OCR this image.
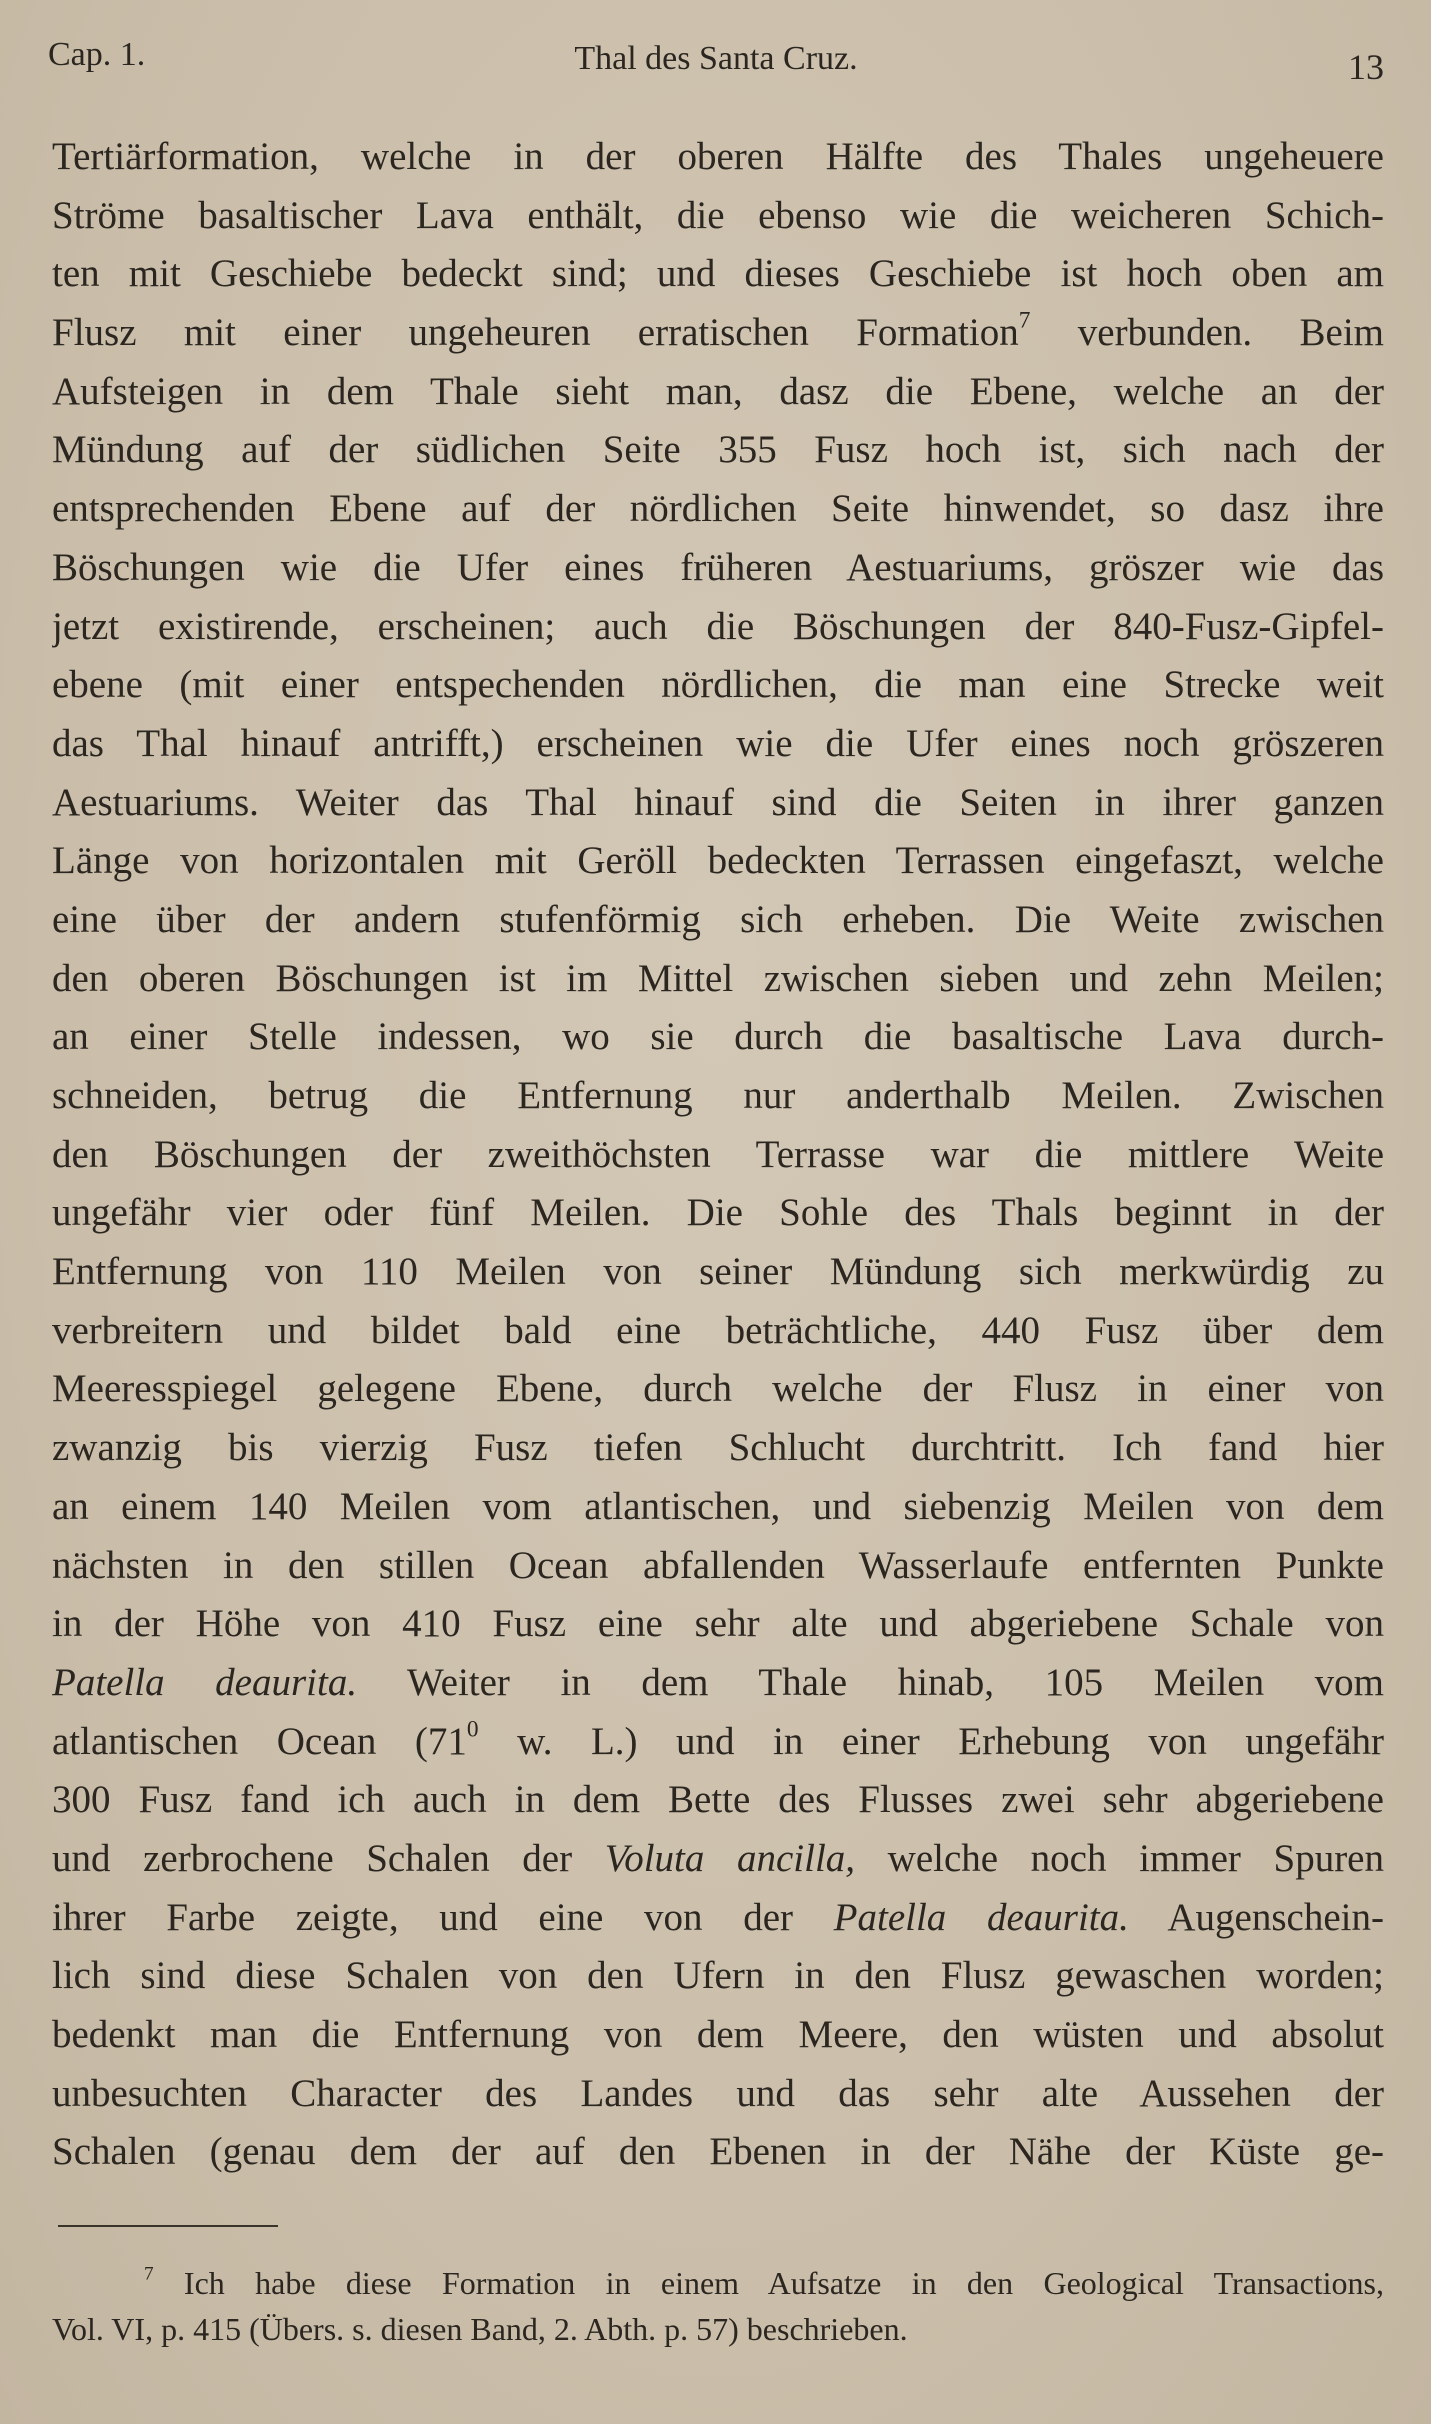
Cap. 1.	Thal des Santa Cruz.	13
Tertiärformation, welche in der oberen Hälfte des Thales ungeheuere
Ströme basaltischer Lava enthält, die ebenso wie die weicheren Schich-
ten mit Geschiebe bedeckt sind; und dieses Geschiebe ist hoch oben am
Flusz mit einer ungeheuren erratischen Formation$^7$ verbunden. Beim
Aufsteigen in dem Thale sieht man, dasz die Ebene, welche an der
Mündung auf der südlichen Seite 355 Fusz hoch ist, sich nach der
entsprechenden Ebene auf der nördlichen Seite hinwendet, so dasz ihre
Böschungen wie die Ufer eines früheren Aestuariums, gröszer wie das
jetzt existirende, erscheinen; auch die Böschungen der 840-Fusz-Gipfel-
ebene (mit einer entspechenden nördlichen, die man eine Strecke weit
das Thal hinauf antrifft,) erscheinen wie die Ufer eines noch gröszeren
Aestuariums. Weiter das Thal hinauf sind die Seiten in ihrer ganzen
Länge von horizontalen mit Geröll bedeckten Terrassen eingefaszt, welche
eine über der andern stufenförmig sich erheben. Die Weite zwischen
den oberen Böschungen ist im Mittel zwischen sieben und zehn Meilen;
an einer Stelle indessen, wo sie durch die basaltische Lava durch-
schneiden, betrug die Entfernung nur anderthalb Meilen. Zwischen
den Böschungen der zweithöchsten Terrasse war die mittlere Weite
ungefähr vier oder fünf Meilen. Die Sohle des Thals beginnt in der
Entfernung von 110 Meilen von seiner Mündung sich merkwürdig zu
verbreitern und bildet bald eine beträchtliche, 440 Fusz über dem
Meeresspiegel gelegene Ebene, durch welche der Flusz in einer von
zwanzig bis vierzig Fusz tiefen Schlucht durchtritt. Ich fand hier
an einem 140 Meilen vom atlantischen, und siebenzig Meilen von dem
nächsten in den stillen Ocean abfallenden Wasserlaufe entfernten Punkte
in der Höhe von 410 Fusz eine sehr alte und abgeriebene Schale von
Patella deaurita. Weiter in dem Thale hinab, 105 Meilen vom
atlantischen Ocean ($71^0$ w. L.) und in einer Erhebung von ungefähr
300 Fusz fand ich auch in dem Bette des Flusses zwei sehr abgeriebene
und zerbrochene Schalen der Voluta ancilla, welche noch immer Spuren
ihrer Farbe zeigte, und eine von der Patella deaurita. Augenschein-
lich sind diese Schalen von den Ufern in den Flusz gewaschen worden;
bedenkt man die Entfernung von dem Meere, den wüsten und absolut
unbesuchten Character des Landes und das sehr alte Aussehen der
Schalen (genau dem der auf den Ebenen in der Nähe der Küste ge-
$^7$ Ich habe diese Formation in einem Aufsatze in den Geological Transactions,
Vol. VI, p. 415 (Übers. s. diesen Band, 2. Abth. p. 57) beschrieben.
